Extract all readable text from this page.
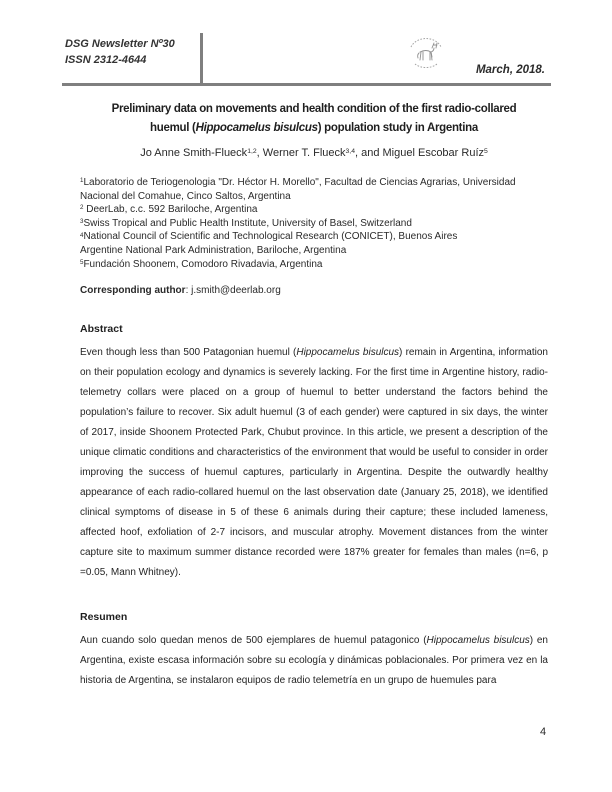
DSG Newsletter Nº30
ISSN 2312-4644
March, 2018.
Preliminary data on movements and health condition of the first radio-collared
huemul (Hippocamelus bisulcus) population study in Argentina
Jo Anne Smith-Flueck$^{1,2}$, Werner T. Flueck$^{3,4}$, and Miguel Escobar Ruíz$^5$
$^1$Laboratorio de Teriogenologia "Dr. Héctor H. Morello", Facultad de Ciencias Agrarias, Universidad Nacional del Comahue, Cinco Saltos, Argentina
$^2$ DeerLab, c.c. 592 Bariloche, Argentina
$^3$Swiss Tropical and Public Health Institute, University of Basel, Switzerland
$^4$National Council of Scientific and Technological Research (CONICET), Buenos Aires
Argentine National Park Administration, Bariloche, Argentina
$^5$Fundación Shoonem, Comodoro Rivadavia, Argentina
Corresponding author: j.smith@deerlab.org
Abstract

Even though less than 500 Patagonian huemul (Hippocamelus bisulcus) remain in Argentina, information on their population ecology and dynamics is severely lacking. For the first time in Argentine history, radio-telemetry collars were placed on a group of huemul to better understand the factors behind the population’s failure to recover. Six adult huemul (3 of each gender) were captured in six days, the winter of 2017, inside Shoonem Protected Park, Chubut province. In this article, we present a description of the unique climatic conditions and characteristics of the environment that would be useful to consider in order improving the success of huemul captures, particularly in Argentina. Despite the outwardly healthy appearance of each radio-collared huemul on the last observation date (January 25, 2018), we identified clinical symptoms of disease in 5 of these 6 animals during their capture; these included lameness, affected hoof, exfoliation of 2-7 incisors, and muscular atrophy. Movement distances from the winter capture site to maximum summer distance recorded were 187% greater for females than males (n=6, p =0.05, Mann Whitney).

Resumen

Aun cuando solo quedan menos de 500 ejemplares de huemul patagonico (Hippocamelus bisulcus) en Argentina, existe escasa información sobre su ecología y dinámicas poblacionales. Por primera vez en la historia de Argentina, se instalaron equipos de radio telemetría en un grupo de huemules para

4
